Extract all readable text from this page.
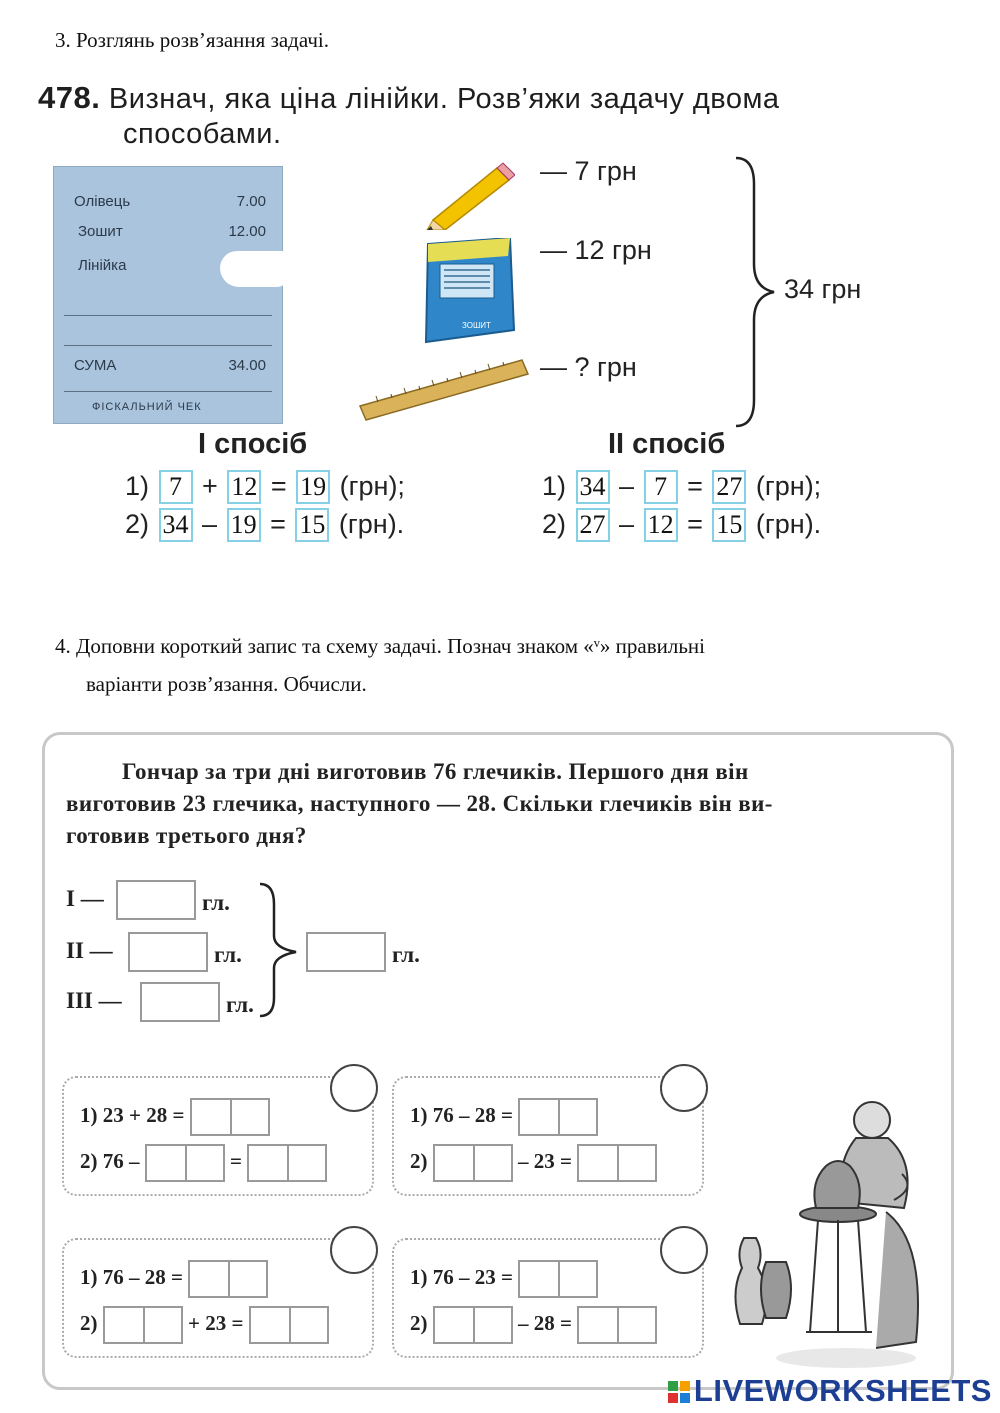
3. Розглянь розв’язання задачі.
478. Визнач, яка ціна лінійки. Розв’яжи задачу двома
способами.
Олівець	7.00
Зошит	12.00
Лінійка
СУМА	34.00
ФІСКАЛЬНИЙ ЧЕК
ЗОШИТ
— 7 грн
— 12 грн
— ? грн
34 грн
I спосіб	II спосіб
1) 7 + 12 = 19 (грн);
2) 34 – 19 = 15 (грн).
1) 34 – 7 = 27 (грн);
2) 27 – 12 = 15 (грн).
4. Доповни короткий запис та схему задачі. Познач знаком «ᵛ» правильні
варіанти розв’язання. Обчисли.
Гончар за три дні виготовив 76 глечиків. Першого дня він
виготовив 23 глечика, наступного — 28. Скільки глечиків він ви-
готовив третього дня?
I —	гл.
II —	гл.
III —	гл.
гл.
1) 23 + 28 =
2) 76 –	=
1) 76 – 28 =
2)	– 23 =
1) 76 – 28 =
2)	+ 23 =
1) 76 – 23 =
2)	– 28 =
LIVEWORKSHEETS
